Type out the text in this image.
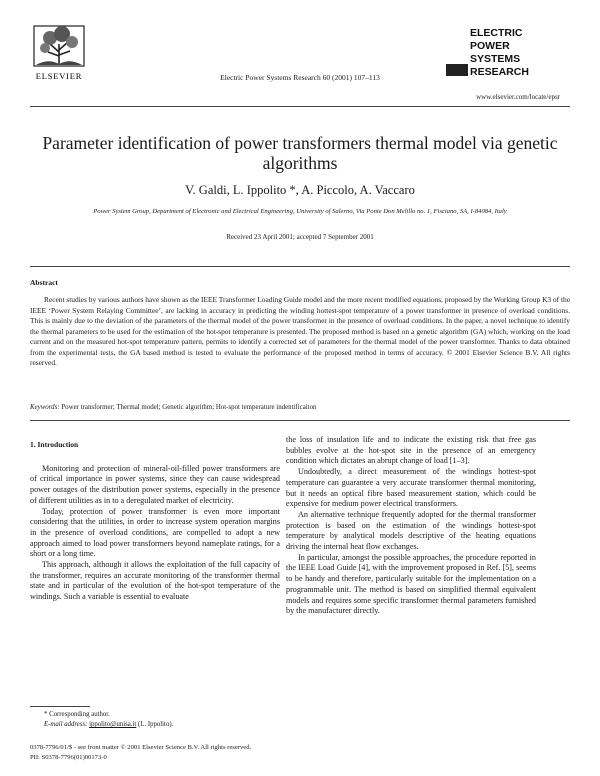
ELSEVIER	Electric Power Systems Research 60 (2001) 107–113
ELECTRIC
POWER
SYSTEMS
RESEARCH
www.elsevier.com/locate/epsr
Parameter identification of power transformers thermal model via genetic algorithms
V. Galdi, L. Ippolito *, A. Piccolo, A. Vaccaro
Power System Group, Department of Electronic and Electrical Engineering, University of Salerno, Via Ponte Don Melillo no. 1, Fisciano, SA, I-84084, Italy
Received 23 April 2001; accepted 7 September 2001
Abstract
Recent studies by various authors have shown as the IEEE Transformer Loading Guide model and the more recent modified equations, proposed by the Working Group K3 of the IEEE ‘Power System Relaying Committee’, are lacking in accuracy in predicting the winding hottest-spot temperature of a power transformer in presence of overload conditions. This is mainly due to the deviation of the parameters of the thermal model of the power transformer in the presence of overload conditions. In the paper, a novel technique to identify the thermal parameters to be used for the estimation of the hot-spot temperature is presented. The proposed method is based on a genetic algorithm (GA) which, working on the load current and on the measured hot-spot temperature pattern, permits to identify a corrected set of parameters for the thermal model of the power transformer. Thanks to data obtained from the experimental tests, the GA based method is tested to evaluate the performance of the proposed method in terms of accuracy. © 2001 Elsevier Science B.V. All rights reserved.
Keywords: Power transformer; Thermal model; Genetic algorithm; Hot-spot temperature indentificaiton
1. Introduction

Monitoring and protection of mineral-oil-filled power transformers are of critical importance in power systems, since they can cause widespread power outages of the distribution power systems, especially in the presence of different utilities as in to a deregulated market of electricity.

Today, protection of power transformer is even more important considering that the utilities, in order to increase system operation margins in the presence of overload conditions, are compelled to adopt a new approach aimed to load power transformers beyond nameplate ratings, for a short or a long time.

This approach, although it allows the exploitation of the full capacity of the transformer, requires an accurate monitoring of the transformer thermal state and in particular of the evolution of the hot-spot temperature of the windings. Such a variable is essential to evaluate

the loss of insulation life and to indicate the existing risk that free gas bubbles evolve at the hot-spot site in the presence of an emergency condition which dictates an abrupt change of load [1–3].

Undoubtedly, a direct measurement of the windings hottest-spot temperature can guarantee a very accurate transformer thermal monitoring, but it needs an optical fibre based measurement station, which could be expensive for medium power electrical transformers.

An alternative technique frequently adopted for the thermal transformer protection is based on the estimation of the windings hottest-spot temperature by analytical models descriptive of the heating equations driving the internal heat flow exchanges.

In particular, amongst the possible approaches, the procedure reported in the IEEE Load Guide [4], with the improvement proposed in Ref. [5], seems to be handy and therefore, particularly suitable for the implementation on a programmable unit. The method is based on simplified thermal equivalent models and requires some specific transformer thermal parameters furnished by the manufacturer directly.

* Corresponding author.
E-mail address: ippolito@unisa.it (L. Ippolito).
0378-7796/01/$ - see front matter © 2001 Elsevier Science B.V. All rights reserved.
PII: S0378-7796(01)00173-0
